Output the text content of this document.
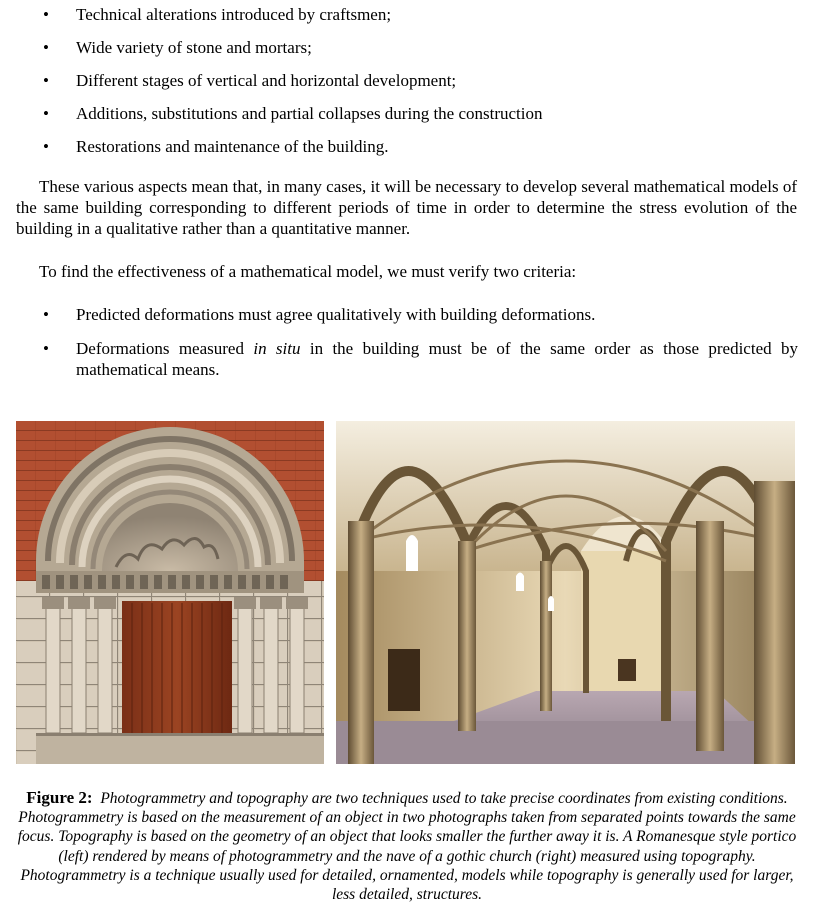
• Technical alterations introduced by craftsmen;
• Wide variety of stone and mortars;
• Different stages of vertical and horizontal development;
• Additions, substitutions and partial collapses during the construction
• Restorations and maintenance of the building.

These various aspects mean that, in many cases, it will be necessary to develop several mathematical models of the same building corresponding to different periods of time in order to determine the stress evolution of the building in a qualitative rather than a quantitative manner.

To find the effectiveness of a mathematical model, we must verify two criteria:

• Predicted deformations must agree qualitatively with building deformations.
• Deformations measured in situ in the building must be of the same order as those predicted by mathematical means.

Figure 2: Photogrammetry and topography are two techniques used to take precise coordinates from existing conditions. Photogrammetry is based on the measurement of an object in two photographs taken from separated points towards the same focus. Topography is based on the geometry of an object that looks smaller the further away it is. A Romanesque style portico (left) rendered by means of photogrammetry and the nave of a gothic church (right) measured using topography. Photogrammetry is a technique usually used for detailed, ornamented, models while topography is generally used for larger, less detailed, structures.
